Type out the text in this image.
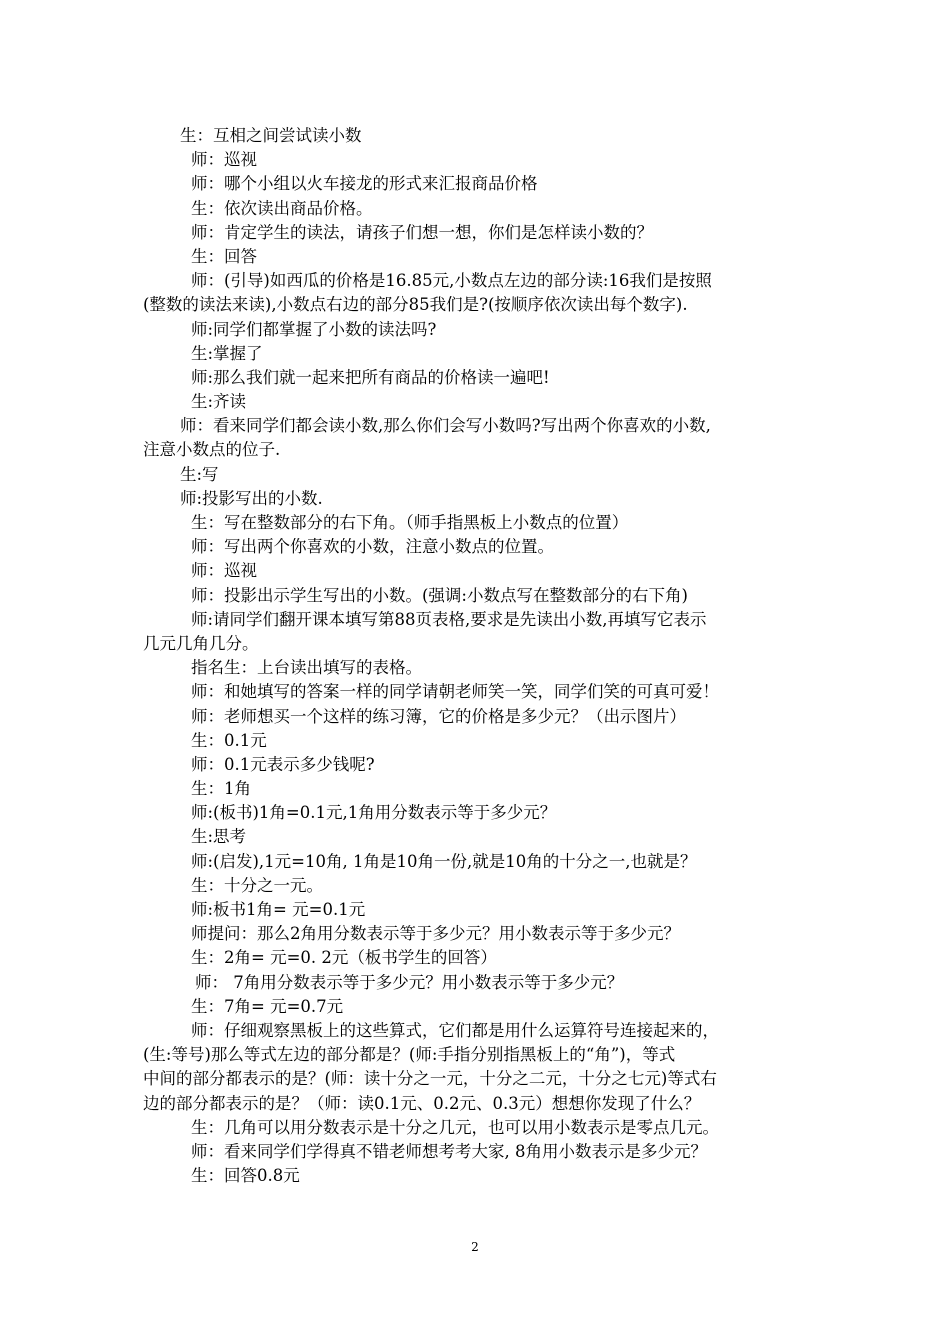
生：互相之间尝试读小数
师：巡视
师：哪个小组以火车接龙的形式来汇报商品价格
生：依次读出商品价格。
师：肯定学生的读法，请孩子们想一想，你们是怎样读小数的？
生：回答
师：(引导)如西瓜的价格是16.85元,小数点左边的部分读:16我们是按照
(整数的读法来读),小数点右边的部分85我们是?(按顺序依次读出每个数字).
师:同学们都掌握了小数的读法吗?
生:掌握了
师:那么我们就一起来把所有商品的价格读一遍吧!
生:齐读
师：看来同学们都会读小数,那么你们会写小数吗?写出两个你喜欢的小数,
注意小数点的位子.
生:写
师:投影写出的小数.
生：写在整数部分的右下角。（师手指黑板上小数点的位置）
师：写出两个你喜欢的小数，注意小数点的位置。
师：巡视
师：投影出示学生写出的小数。(强调:小数点写在整数部分的右下角)
师:请同学们翻开课本填写第88页表格,要求是先读出小数,再填写它表示
几元几角几分。
指名生：上台读出填写的表格。
师：和她填写的答案一样的同学请朝老师笑一笑，同学们笑的可真可爱！
师：老师想买一个这样的练习簿，它的价格是多少元？（出示图片）
生：0.1元
师：0.1元表示多少钱呢?
生：1角
师:(板书)1角=0.1元,1角用分数表示等于多少元？
生:思考
师:(启发),1元=10角, 1角是10角一份,就是10角的十分之一,也就是？
生：十分之一元。
师:板书1角= 元=0.1元
师提问：那么2角用分数表示等于多少元？用小数表示等于多少元？
生：2角= 元=0. 2元（板书学生的回答）
师： 7角用分数表示等于多少元？用小数表示等于多少元？
生：7角= 元=0.7元
师：仔细观察黑板上的这些算式，它们都是用什么运算符号连接起来的，
(生:等号)那么等式左边的部分都是？(师:手指分别指黑板上的“角”)，等式
中间的部分都表示的是？(师：读十分之一元，十分之二元，十分之七元)等式右
边的部分都表示的是？（师：读0.1元、0.2元、0.3元）想想你发现了什么？
生：几角可以用分数表示是十分之几元，也可以用小数表示是零点几元。
师：看来同学们学得真不错老师想考考大家, 8角用小数表示是多少元？
生：回答0.8元
2
